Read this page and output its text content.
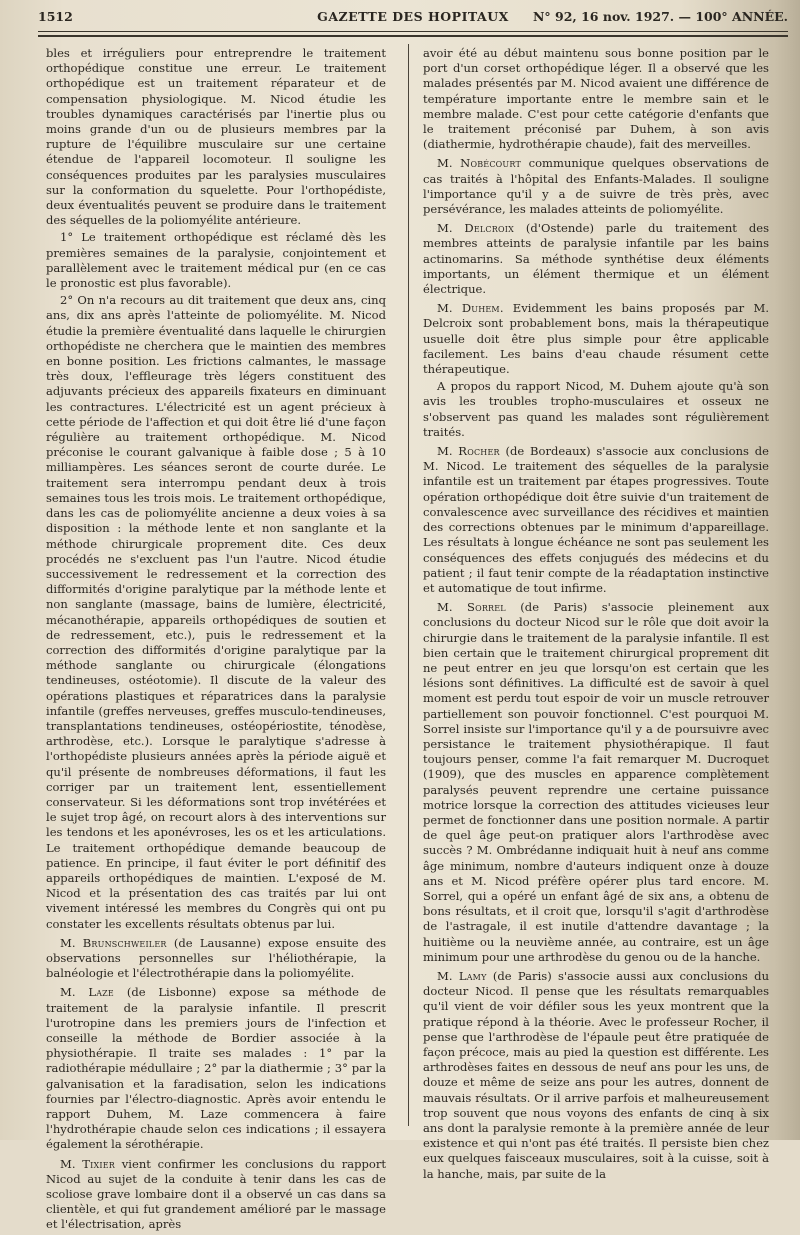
1512	GAZETTE DES HOPITAUX	N° 92, 16 nov. 1927. — 100° ANNÉE.

bles et irréguliers pour entreprendre le traitement orthopédique constitue une erreur. Le traitement orthopédique est un traitement réparateur et de compensation physiologique. M. Nicod étudie les troubles dynamiques caractérisés par l'inertie plus ou moins grande d'un ou de plusieurs membres par la rupture de l'équilibre musculaire sur une certaine étendue de l'appareil locomoteur. Il souligne les conséquences produites par les paralysies musculaires sur la conformation du squelette. Pour l'orthopédiste, deux éventualités peuvent se produire dans le traitement des séquelles de la poliomyélite antérieure.

1° Le traitement orthopédique est réclamé dès les premières semaines de la paralysie, conjointement et parallèlement avec le traitement médical pur (en ce cas le pronostic est plus favorable).

2° On n'a recours au dit traitement que deux ans, cinq ans, dix ans après l'atteinte de poliomyélite. M. Nicod étudie la première éventualité dans laquelle le chirurgien orthopédiste ne cherchera que le maintien des membres en bonne position. Les frictions calmantes, le massage très doux, l'effleurage très légers constituent des adjuvants précieux des appareils fixateurs en diminuant les contractures. L'électricité est un agent précieux à cette période de l'affection et qui doit être lié d'une façon régulière au traitement orthopédique. M. Nicod préconise le courant galvanique à faible dose ; 5 à 10 milliampères. Les séances seront de courte durée. Le traitement sera interrompu pendant deux à trois semaines tous les trois mois. Le traitement orthopédique, dans les cas de poliomyélite ancienne a deux voies à sa disposition : la méthode lente et non sanglante et la méthode chirurgicale proprement dite. Ces deux procédés ne s'excluent pas l'un l'autre. Nicod étudie successivement le redressement et la correction des difformités d'origine paralytique par la méthode lente et non sanglante (massage, bains de lumière, électricité, mécanothérapie, appareils orthopédiques de soutien et de redressement, etc.), puis le redressement et la correction des difformités d'origine paralytique par la méthode sanglante ou chirurgicale (élongations tendineuses, ostéotomie). Il discute de la valeur des opérations plastiques et réparatrices dans la paralysie infantile (greffes nerveuses, greffes musculo-tendineuses, transplantations tendineuses, ostéopériostite, ténodèse, arthrodèse, etc.). Lorsque le paralytique s'adresse à l'orthopédiste plusieurs années après la période aiguë et qu'il présente de nombreuses déformations, il faut les corriger par un traitement lent, essentiellement conservateur. Si les déformations sont trop invétérées et le sujet trop âgé, on recourt alors à des interventions sur les tendons et les aponévroses, les os et les articulations. Le traitement orthopédique demande beaucoup de patience. En principe, il faut éviter le port définitif des appareils orthopédiques de maintien. L'exposé de M. Nicod et la présentation des cas traités par lui ont vivement intéressé les membres du Congrès qui ont pu constater les excellents résultats obtenus par lui.

M. Brunschweiler (de Lausanne) expose ensuite des observations personnelles sur l'héliothérapie, la balnéologie et l'électrothérapie dans la poliomyélite.

M. Laze (de Lisbonne) expose sa méthode de traitement de la paralysie infantile. Il prescrit l'urotropine dans les premiers jours de l'infection et conseille la méthode de Bordier associée à la physiothérapie. Il traite ses malades : 1° par la radiothérapie médullaire ; 2° par la diathermie ; 3° par la galvanisation et la faradisation, selon les indications fournies par l'électro-diagnostic. Après avoir entendu le rapport Duhem, M. Laze commencera à faire l'hydrothérapie chaude selon ces indications ; il essayera également la sérothérapie.

M. Tixier vient confirmer les conclusions du rapport Nicod au sujet de la conduite à tenir dans les cas de scoliose grave lombaire dont il a observé un cas dans sa clientèle, et qui fut grandement amélioré par le massage et l'électrisation, après

avoir été au début maintenu sous bonne position par le port d'un corset orthopédique léger. Il a observé que les malades présentés par M. Nicod avaient une différence de température importante entre le membre sain et le membre malade. C'est pour cette catégorie d'enfants que le traitement préconisé par Duhem, à son avis (diathermie, hydrothérapie chaude), fait des merveilles.

M. Nobécourt communique quelques observations de cas traités à l'hôpital des Enfants-Malades. Il souligne l'importance qu'il y a de suivre de très près, avec persévérance, les malades atteints de poliomyélite.

M. Delcroix (d'Ostende) parle du traitement des membres atteints de paralysie infantile par les bains actinomarins. Sa méthode synthétise deux éléments importants, un élément thermique et un élément électrique.

M. Duhem. Evidemment les bains proposés par M. Delcroix sont probablement bons, mais la thérapeutique usuelle doit être plus simple pour être applicable facilement. Les bains d'eau chaude résument cette thérapeutique.

A propos du rapport Nicod, M. Duhem ajoute qu'à son avis les troubles tropho-musculaires et osseux ne s'observent pas quand les malades sont régulièrement traités.

M. Rocher (de Bordeaux) s'associe aux conclusions de M. Nicod. Le traitement des séquelles de la paralysie infantile est un traitement par étapes progressives. Toute opération orthopédique doit être suivie d'un traitement de convalescence avec surveillance des récidives et maintien des corrections obtenues par le minimum d'appareillage. Les résultats à longue échéance ne sont pas seulement les conséquences des effets conjugués des médecins et du patient ; il faut tenir compte de la réadaptation instinctive et automatique de tout infirme.

M. Sorrel (de Paris) s'associe pleinement aux conclusions du docteur Nicod sur le rôle que doit avoir la chirurgie dans le traitement de la paralysie infantile. Il est bien certain que le traitement chirurgical proprement dit ne peut entrer en jeu que lorsqu'on est certain que les lésions sont définitives. La difficulté est de savoir à quel moment est perdu tout espoir de voir un muscle retrouver partiellement son pouvoir fonctionnel. C'est pourquoi M. Sorrel insiste sur l'importance qu'il y a de poursuivre avec persistance le traitement physiothérapique. Il faut toujours penser, comme l'a fait remarquer M. Ducroquet (1909), que des muscles en apparence complètement paralysés peuvent reprendre une certaine puissance motrice lorsque la correction des attitudes vicieuses leur permet de fonctionner dans une position normale. A partir de quel âge peut-on pratiquer alors l'arthrodèse avec succès ? M. Ombrédanne indiquait huit à neuf ans comme âge minimum, nombre d'auteurs indiquent onze à douze ans et M. Nicod préfère opérer plus tard encore. M. Sorrel, qui a opéré un enfant âgé de six ans, a obtenu de bons résultats, et il croit que, lorsqu'il s'agit d'arthrodèse de l'astragale, il est inutile d'attendre davantage ; la huitième ou la neuvième année, au contraire, est un âge minimum pour une arthrodèse du genou ou de la hanche.

M. Lamy (de Paris) s'associe aussi aux conclusions du docteur Nicod. Il pense que les résultats remarquables qu'il vient de voir défiler sous les yeux montrent que la pratique répond à la théorie. Avec le professeur Rocher, il pense que l'arthrodèse de l'épaule peut être pratiquée de façon précoce, mais au pied la question est différente. Les arthrodèses faites en dessous de neuf ans pour les uns, de douze et même de seize ans pour les autres, donnent de mauvais résultats. Or il arrive parfois et malheureusement trop souvent que nous voyons des enfants de cinq à six ans dont la paralysie remonte à la première année de leur existence et qui n'ont pas été traités. Il persiste bien chez eux quelques faisceaux musculaires, soit à la cuisse, soit à la hanche, mais, par suite de la
